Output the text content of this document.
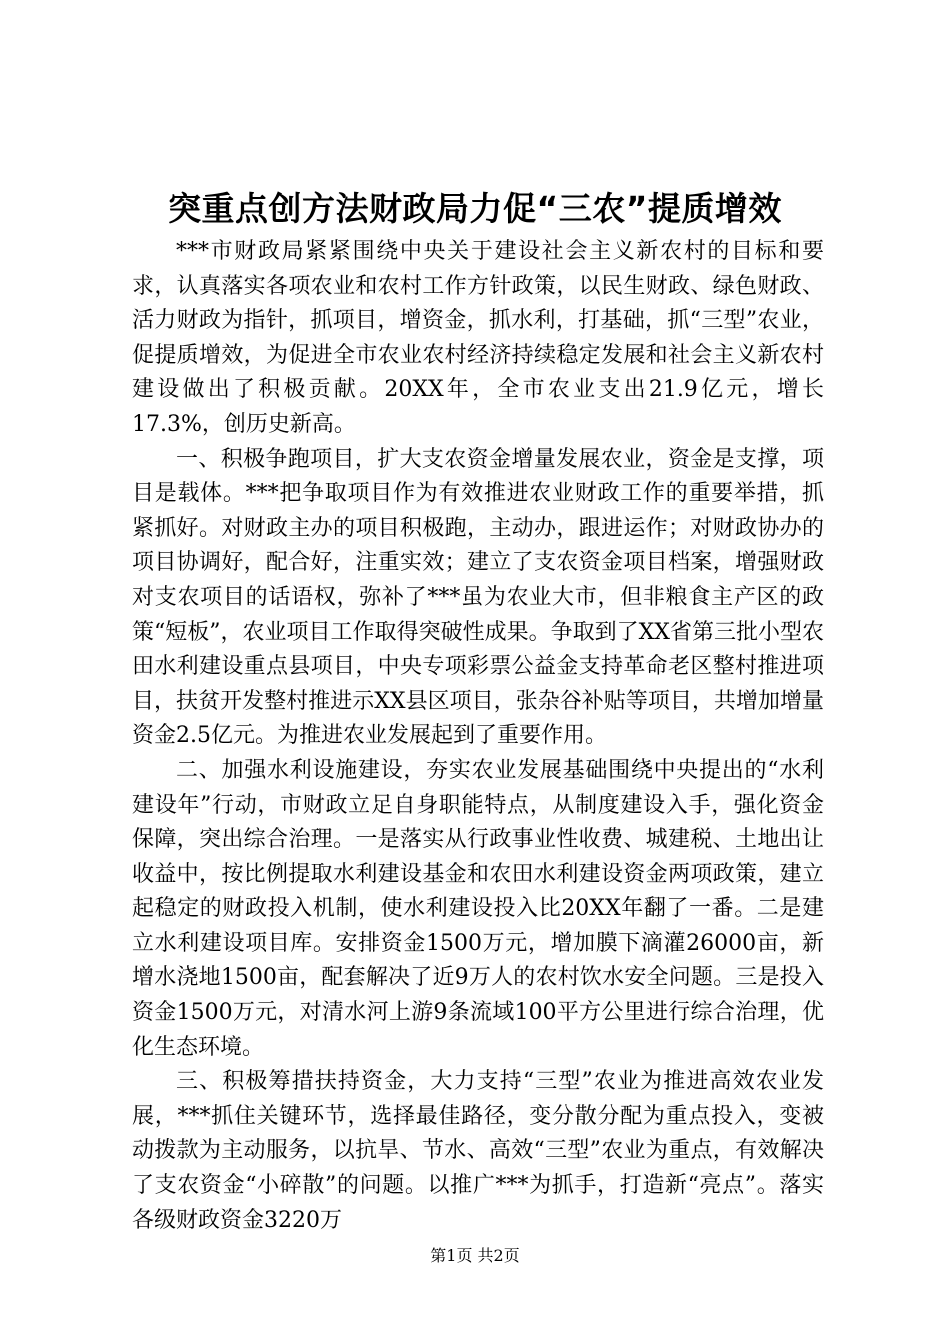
突重点创方法财政局力促“三农”提质增效

***市财政局紧紧围绕中央关于建设社会主义新农村的目标和要求，认真落实各项农业和农村工作方针政策，以民生财政、绿色财政、活力财政为指针，抓项目，增资金，抓水利，打基础，抓“三型”农业，促提质增效，为促进全市农业农村经济持续稳定发展和社会主义新农村建设做出了积极贡献。20XX年，全市农业支出21.9亿元，增长17.3%，创历史新高。

一、积极争跑项目，扩大支农资金增量发展农业，资金是支撑，项目是载体。***把争取项目作为有效推进农业财政工作的重要举措，抓紧抓好。对财政主办的项目积极跑，主动办，跟进运作；对财政协办的项目协调好，配合好，注重实效；建立了支农资金项目档案，增强财政对支农项目的话语权，弥补了***虽为农业大市，但非粮食主产区的政策“短板”，农业项目工作取得突破性成果。争取到了XX省第三批小型农田水利建设重点县项目，中央专项彩票公益金支持革命老区整村推进项目，扶贫开发整村推进示XX县区项目，张杂谷补贴等项目，共增加增量资金2.5亿元。为推进农业发展起到了重要作用。

二、加强水利设施建设，夯实农业发展基础围绕中央提出的“水利建设年”行动，市财政立足自身职能特点，从制度建设入手，强化资金保障，突出综合治理。一是落实从行政事业性收费、城建税、土地出让收益中，按比例提取水利建设基金和农田水利建设资金两项政策，建立起稳定的财政投入机制，使水利建设投入比20XX年翻了一番。二是建立水利建设项目库。安排资金1500万元，增加膜下滴灌26000亩，新增水浇地1500亩，配套解决了近9万人的农村饮水安全问题。三是投入资金1500万元，对清水河上游9条流域100平方公里进行综合治理，优化生态环境。

三、积极筹措扶持资金，大力支持“三型”农业为推进高效农业发展，***抓住关键环节，选择最佳路径，变分散分配为重点投入，变被动拨款为主动服务，以抗旱、节水、高效“三型”农业为重点，有效解决了支农资金“小碎散”的问题。以推广***为抓手，打造新“亮点”。落实各级财政资金3220万

第1页 共2页
